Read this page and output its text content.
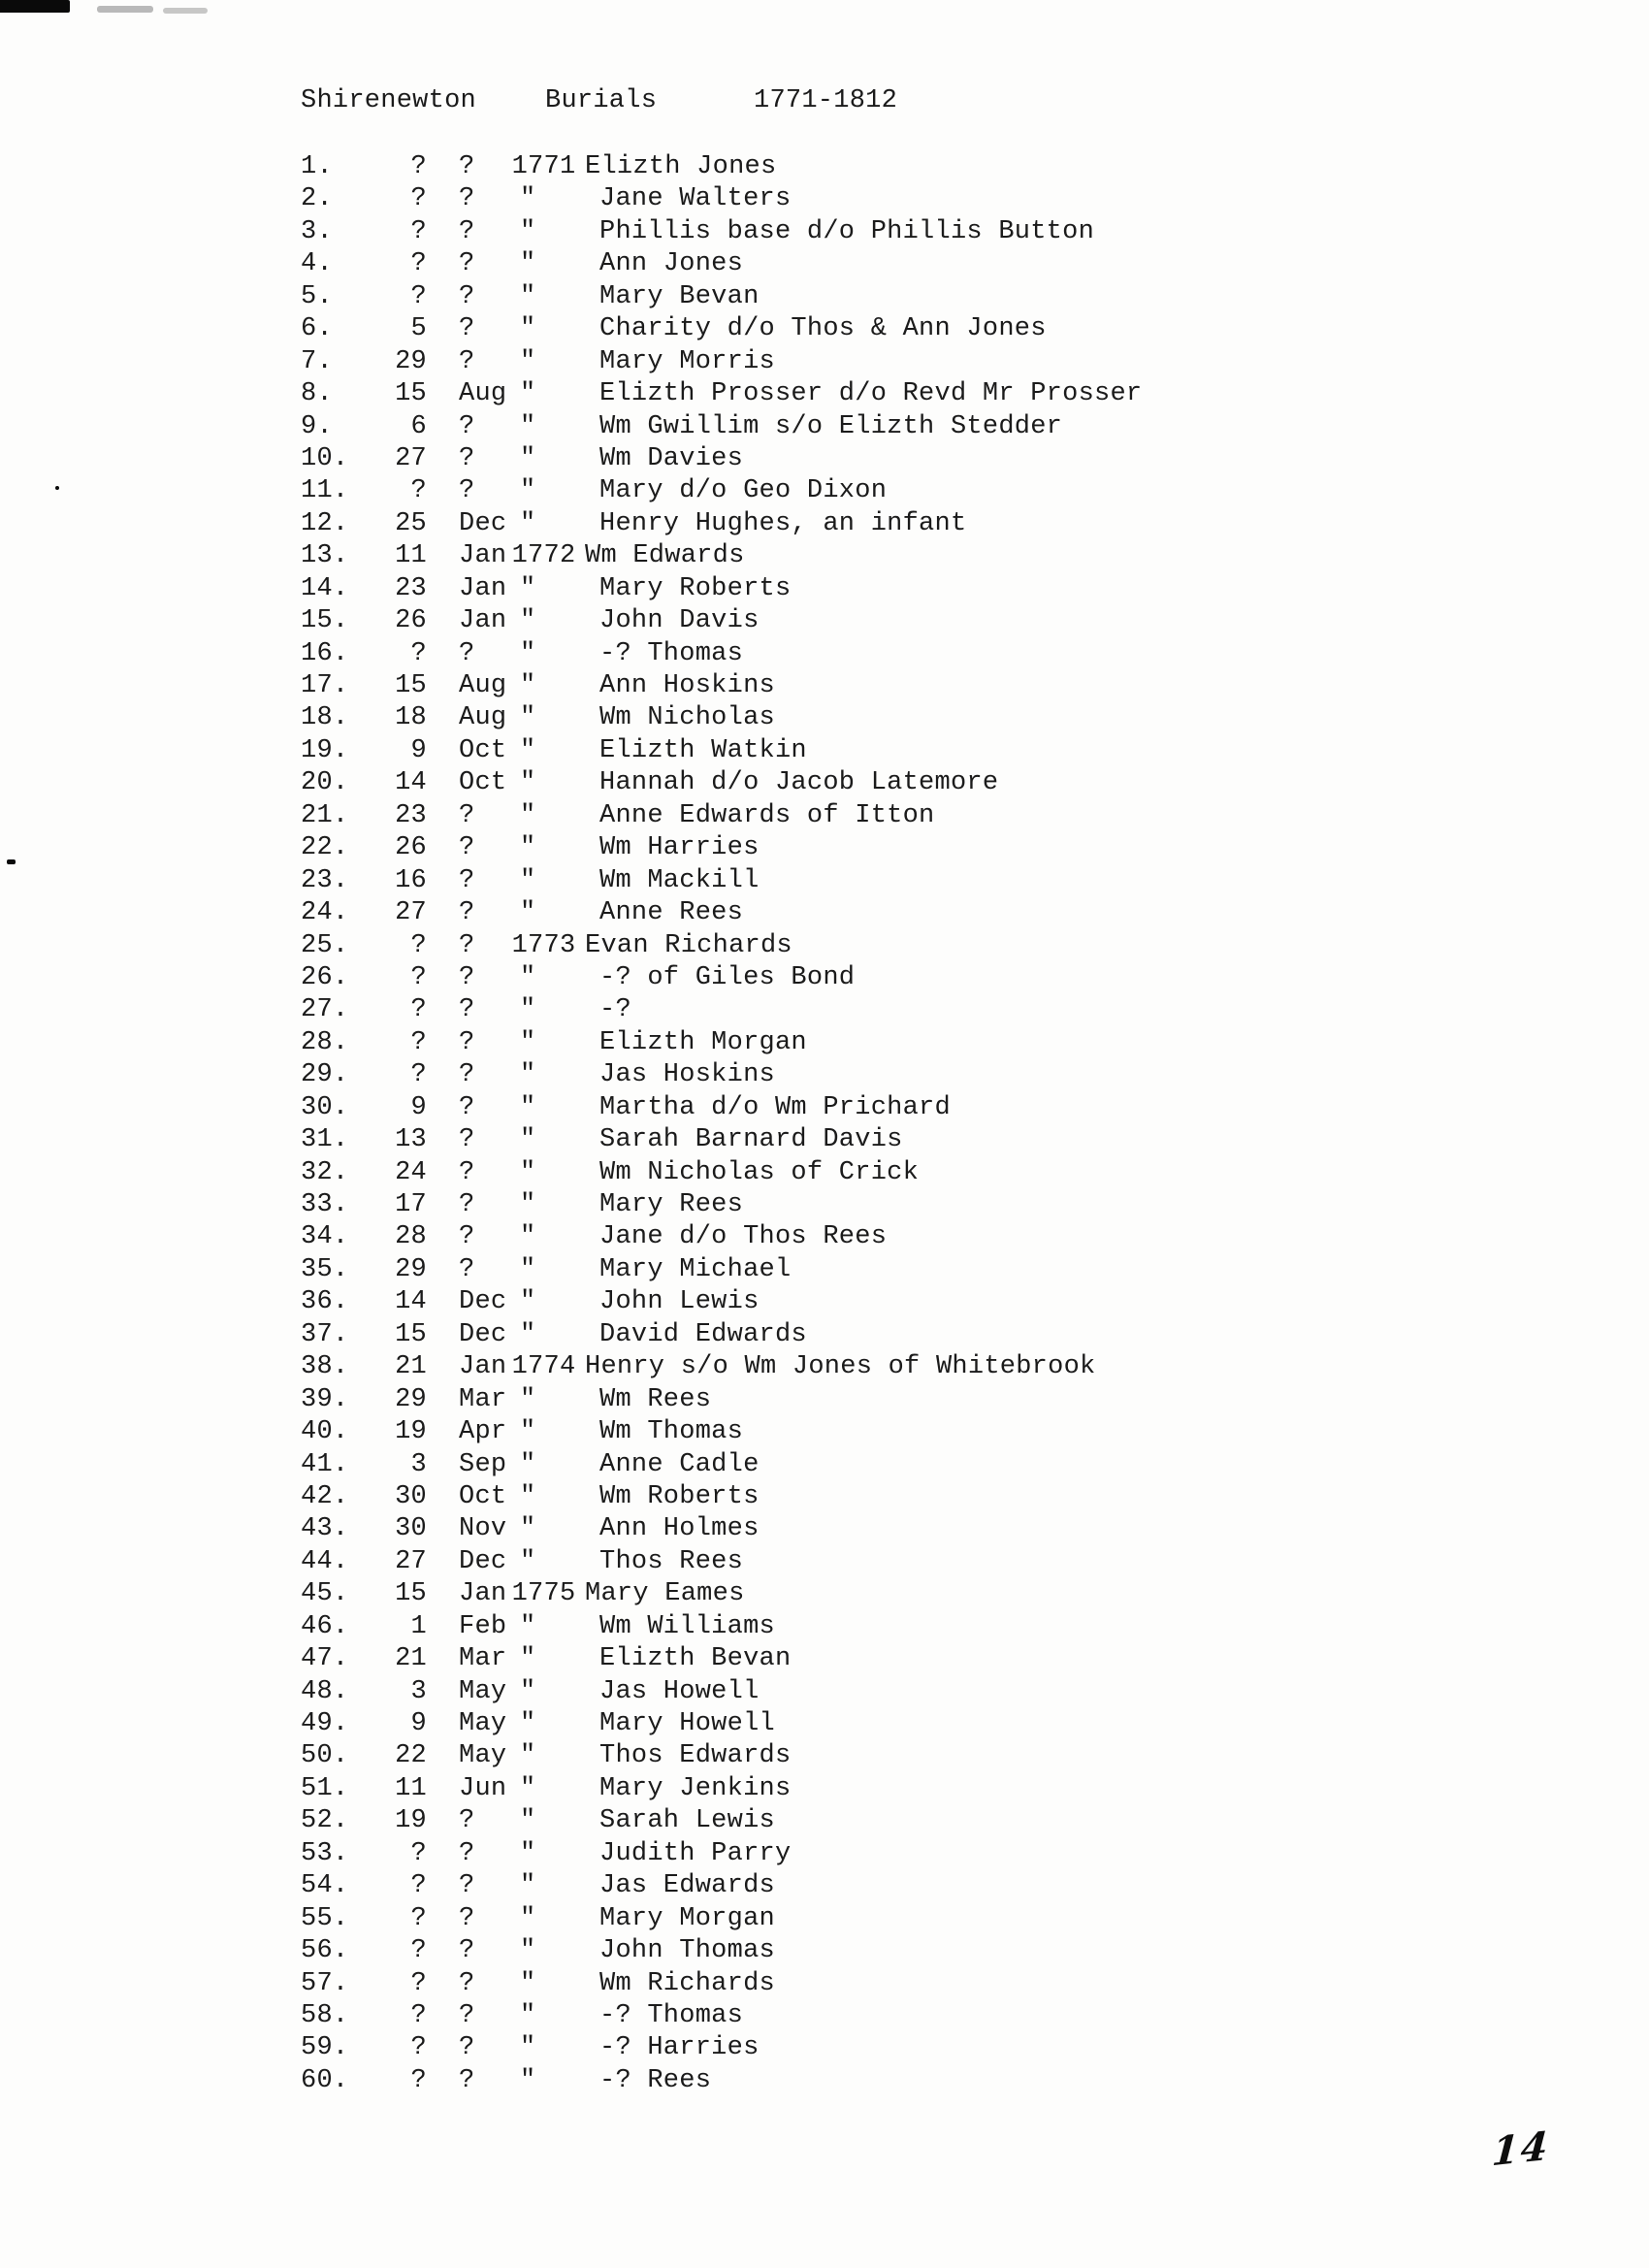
Shirenewton

	Burials

	1771-1812

1.	?	?	1771 Elizth Jones
2.	?	?	"	Jane Walters
3.	?	?	"	Phillis base d/o Phillis Button
4.	?	?	"	Ann Jones
5.	?	?	"	Mary Bevan
6.	5	?	"	Charity d/o Thos & Ann Jones
7.	29	?	"	Mary Morris
8.	15	Aug "	Elizth Prosser d/o Revd Mr Prosser
9.	6	?	"	Wm Gwillim s/o Elizth Stedder
10.	27	?	"	Wm Davies
11.	?	?	"	Mary d/o Geo Dixon
12.	25	Dec "	Henry Hughes, an infant
13.	11	Jan 1772 Wm Edwards
14.	23	Jan "	Mary Roberts
15.	26	Jan "	John Davis
16.	?	?	"	-? Thomas
17.	15	Aug "	Ann Hoskins
18.	18	Aug "	Wm Nicholas
19.	9	Oct "	Elizth Watkin
20.	14	Oct "	Hannah d/o Jacob Latemore
21.	23	?	"	Anne Edwards of Itton
22.	26	?	"	Wm Harries
23.	16	?	"	Wm Mackill
24.	27	?	"	Anne Rees
25.	?	?	1773 Evan Richards
26.	?	?	"	-? of Giles Bond
27.	?	?	"	-?
28.	?	?	"	Elizth Morgan
29.	?	?	"	Jas Hoskins
30.	9	?	"	Martha d/o Wm Prichard
31.	13	?	"	Sarah Barnard Davis
32.	24	?	"	Wm Nicholas of Crick
33.	17	?	"	Mary Rees
34.	28	?	"	Jane d/o Thos Rees
35.	29	?	"	Mary Michael
36.	14	Dec "	John Lewis
37.	15	Dec "	David Edwards
38.	21	Jan 1774 Henry s/o Wm Jones of Whitebrook
39.	29	Mar "	Wm Rees
40.	19	Apr "	Wm Thomas
41.	3	Sep "	Anne Cadle
42.	30	Oct "	Wm Roberts
43.	30	Nov "	Ann Holmes
44.	27	Dec "	Thos Rees
45.	15	Jan 1775 Mary Eames
46.	1	Feb "	Wm Williams
47.	21	Mar "	Elizth Bevan
48.	3	May "	Jas Howell
49.	9	May "	Mary Howell
50.	22	May "	Thos Edwards
51.	11	Jun "	Mary Jenkins
52.	19	?	"	Sarah Lewis
53.	?	?	"	Judith Parry
54.	?	?	"	Jas Edwards
55.	?	?	"	Mary Morgan
56.	?	?	"	John Thomas
57.	?	?	"	Wm Richards
58.	?	?	"	-? Thomas
59.	?	?	"	-? Harries
60.	?	?	"	-? Rees
14
